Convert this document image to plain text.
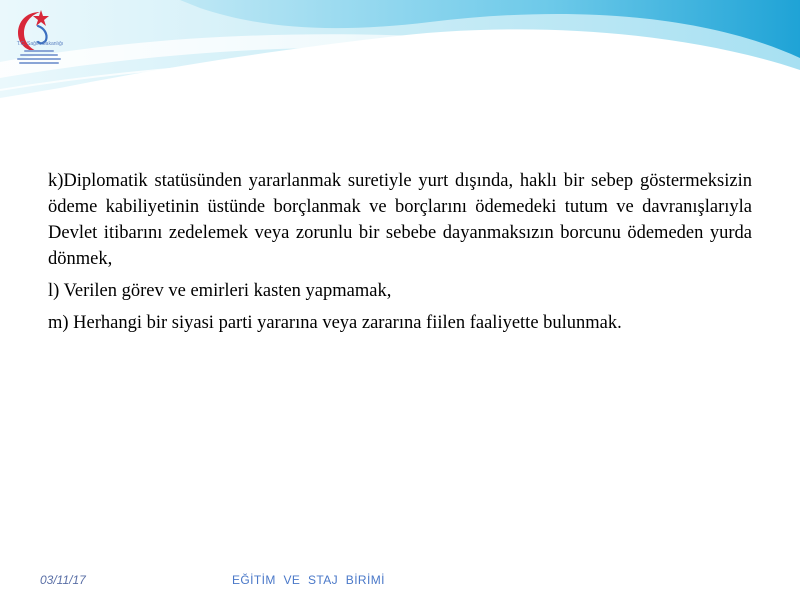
T.C. Sağlık Bakanlığı

k)Diplomatik statüsünden yararlanmak suretiyle yurt dışında, haklı bir sebep göstermeksizin ödeme kabiliyetinin üstünde borçlanmak ve borçlarını ödemedeki tutum ve davranışlarıyla Devlet itibarını zedelemek veya zorunlu bir sebebe dayanmaksızın borcunu ödemeden yurda dönmek,

l) Verilen görev ve emirleri kasten yapmamak,

m) Herhangi bir siyasi parti yararına veya zararına fiilen faaliyette bulunmak.

03/11/17	EĞİTİM VE STAJ BİRİMİ
